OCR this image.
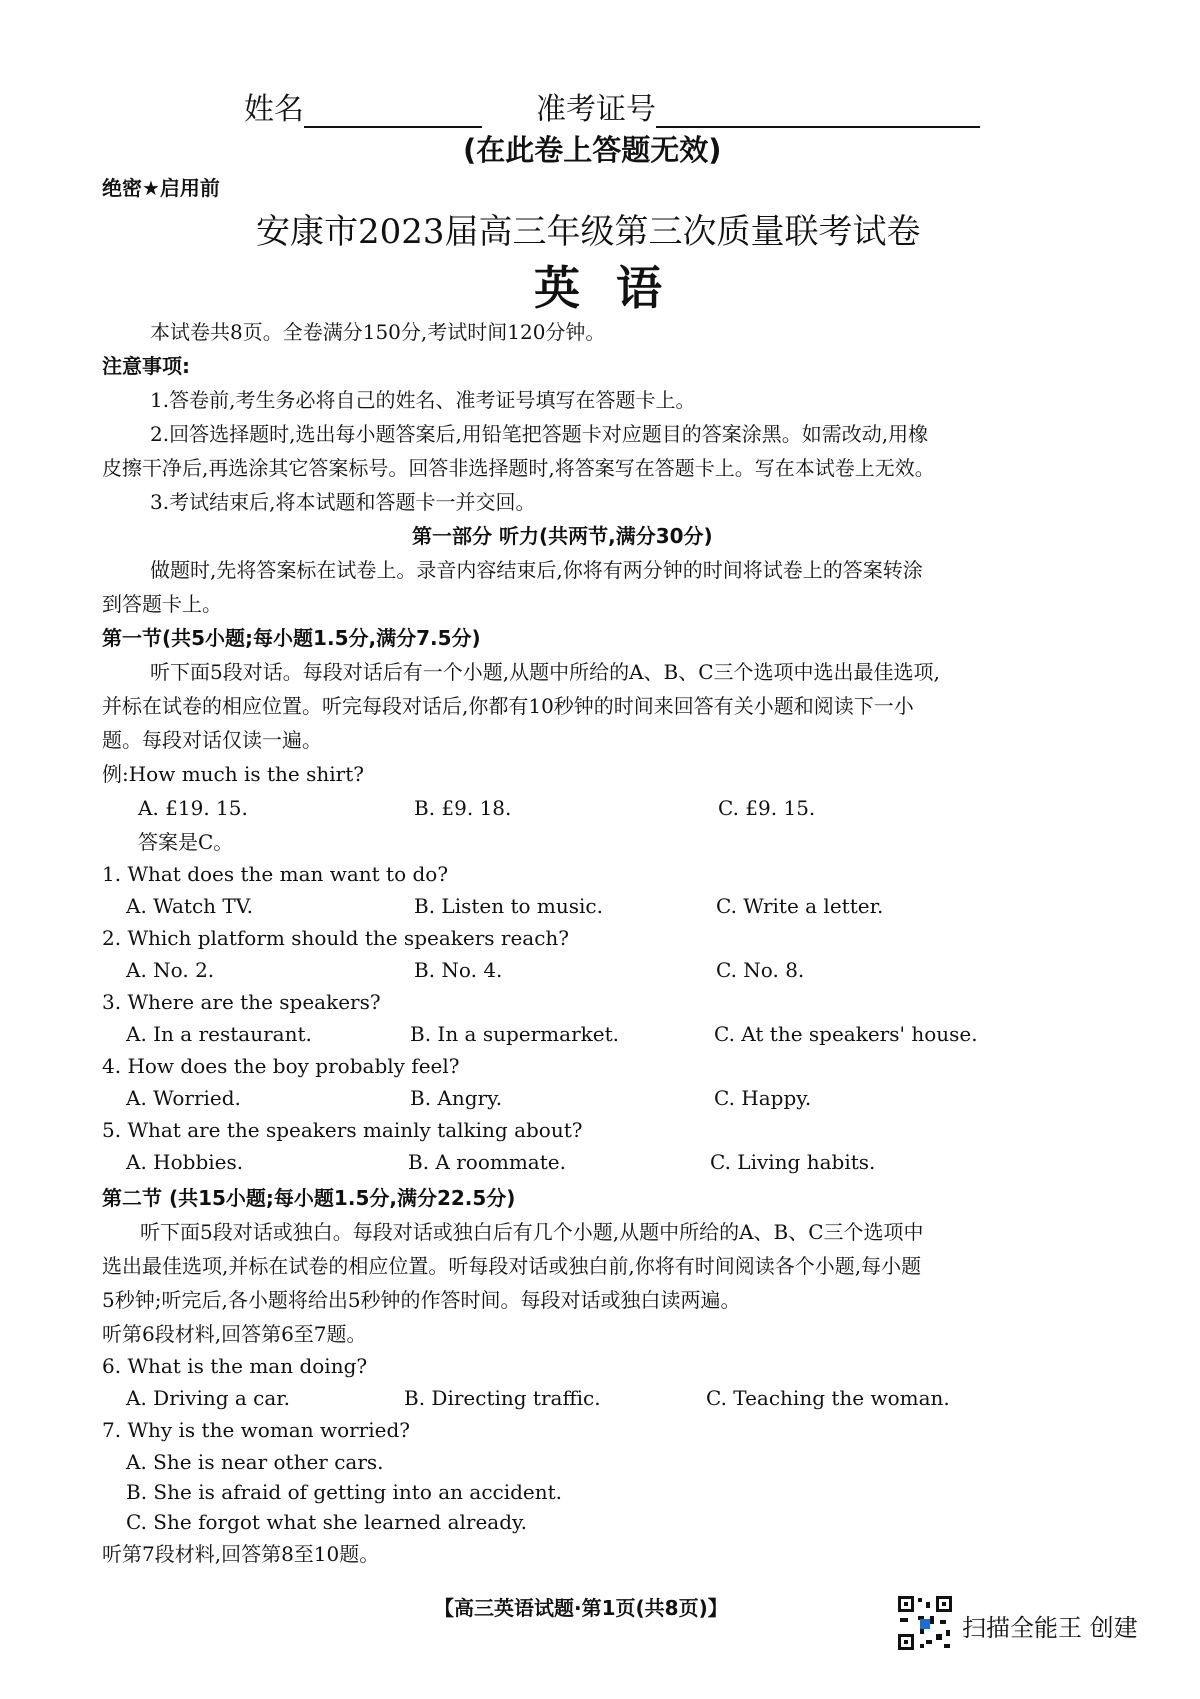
姓名	准考证号
(在此卷上答题无效)
绝密★启用前
安康市2023届高三年级第三次质量联考试卷
英 语
本试卷共8页。全卷满分150分,考试时间120分钟。
注意事项:
1.答卷前,考生务必将自己的姓名、准考证号填写在答题卡上。
2.回答选择题时,选出每小题答案后,用铅笔把答题卡对应题目的答案涂黑。如需改动,用橡
皮擦干净后,再选涂其它答案标号。回答非选择题时,将答案写在答题卡上。写在本试卷上无效。
3.考试结束后,将本试题和答题卡一并交回。
第一部分 听力(共两节,满分30分)
做题时,先将答案标在试卷上。录音内容结束后,你将有两分钟的时间将试卷上的答案转涂
到答题卡上。
第一节(共5小题;每小题1.5分,满分7.5分)
听下面5段对话。每段对话后有一个小题,从题中所给的A、B、C三个选项中选出最佳选项,
并标在试卷的相应位置。听完每段对话后,你都有10秒钟的时间来回答有关小题和阅读下一小
题。每段对话仅读一遍。
例:How much is the shirt?
A. £19. 15.	B. £9. 18.	C. £9. 15.
答案是C。
1. What does the man want to do?
A. Watch TV.	B. Listen to music.	C. Write a letter.
2. Which platform should the speakers reach?
A. No. 2.	B. No. 4.	C. No. 8.
3. Where are the speakers?
A. In a restaurant.	B. In a supermarket.	C. At the speakers' house.
4. How does the boy probably feel?
A. Worried.	B. Angry.	C. Happy.
5. What are the speakers mainly talking about?
A. Hobbies.	B. A roommate.	C. Living habits.
第二节 (共15小题;每小题1.5分,满分22.5分)
听下面5段对话或独白。每段对话或独白后有几个小题,从题中所给的A、B、C三个选项中
选出最佳选项,并标在试卷的相应位置。听每段对话或独白前,你将有时间阅读各个小题,每小题
5秒钟;听完后,各小题将给出5秒钟的作答时间。每段对话或独白读两遍。
听第6段材料,回答第6至7题。
6. What is the man doing?
A. Driving a car.	B. Directing traffic.	C. Teaching the woman.
7. Why is the woman worried?
A. She is near other cars.
B. She is afraid of getting into an accident.
C. She forgot what she learned already.
听第7段材料,回答第8至10题。
【高三英语试题·第1页(共8页)】
扫描全能王 创建
